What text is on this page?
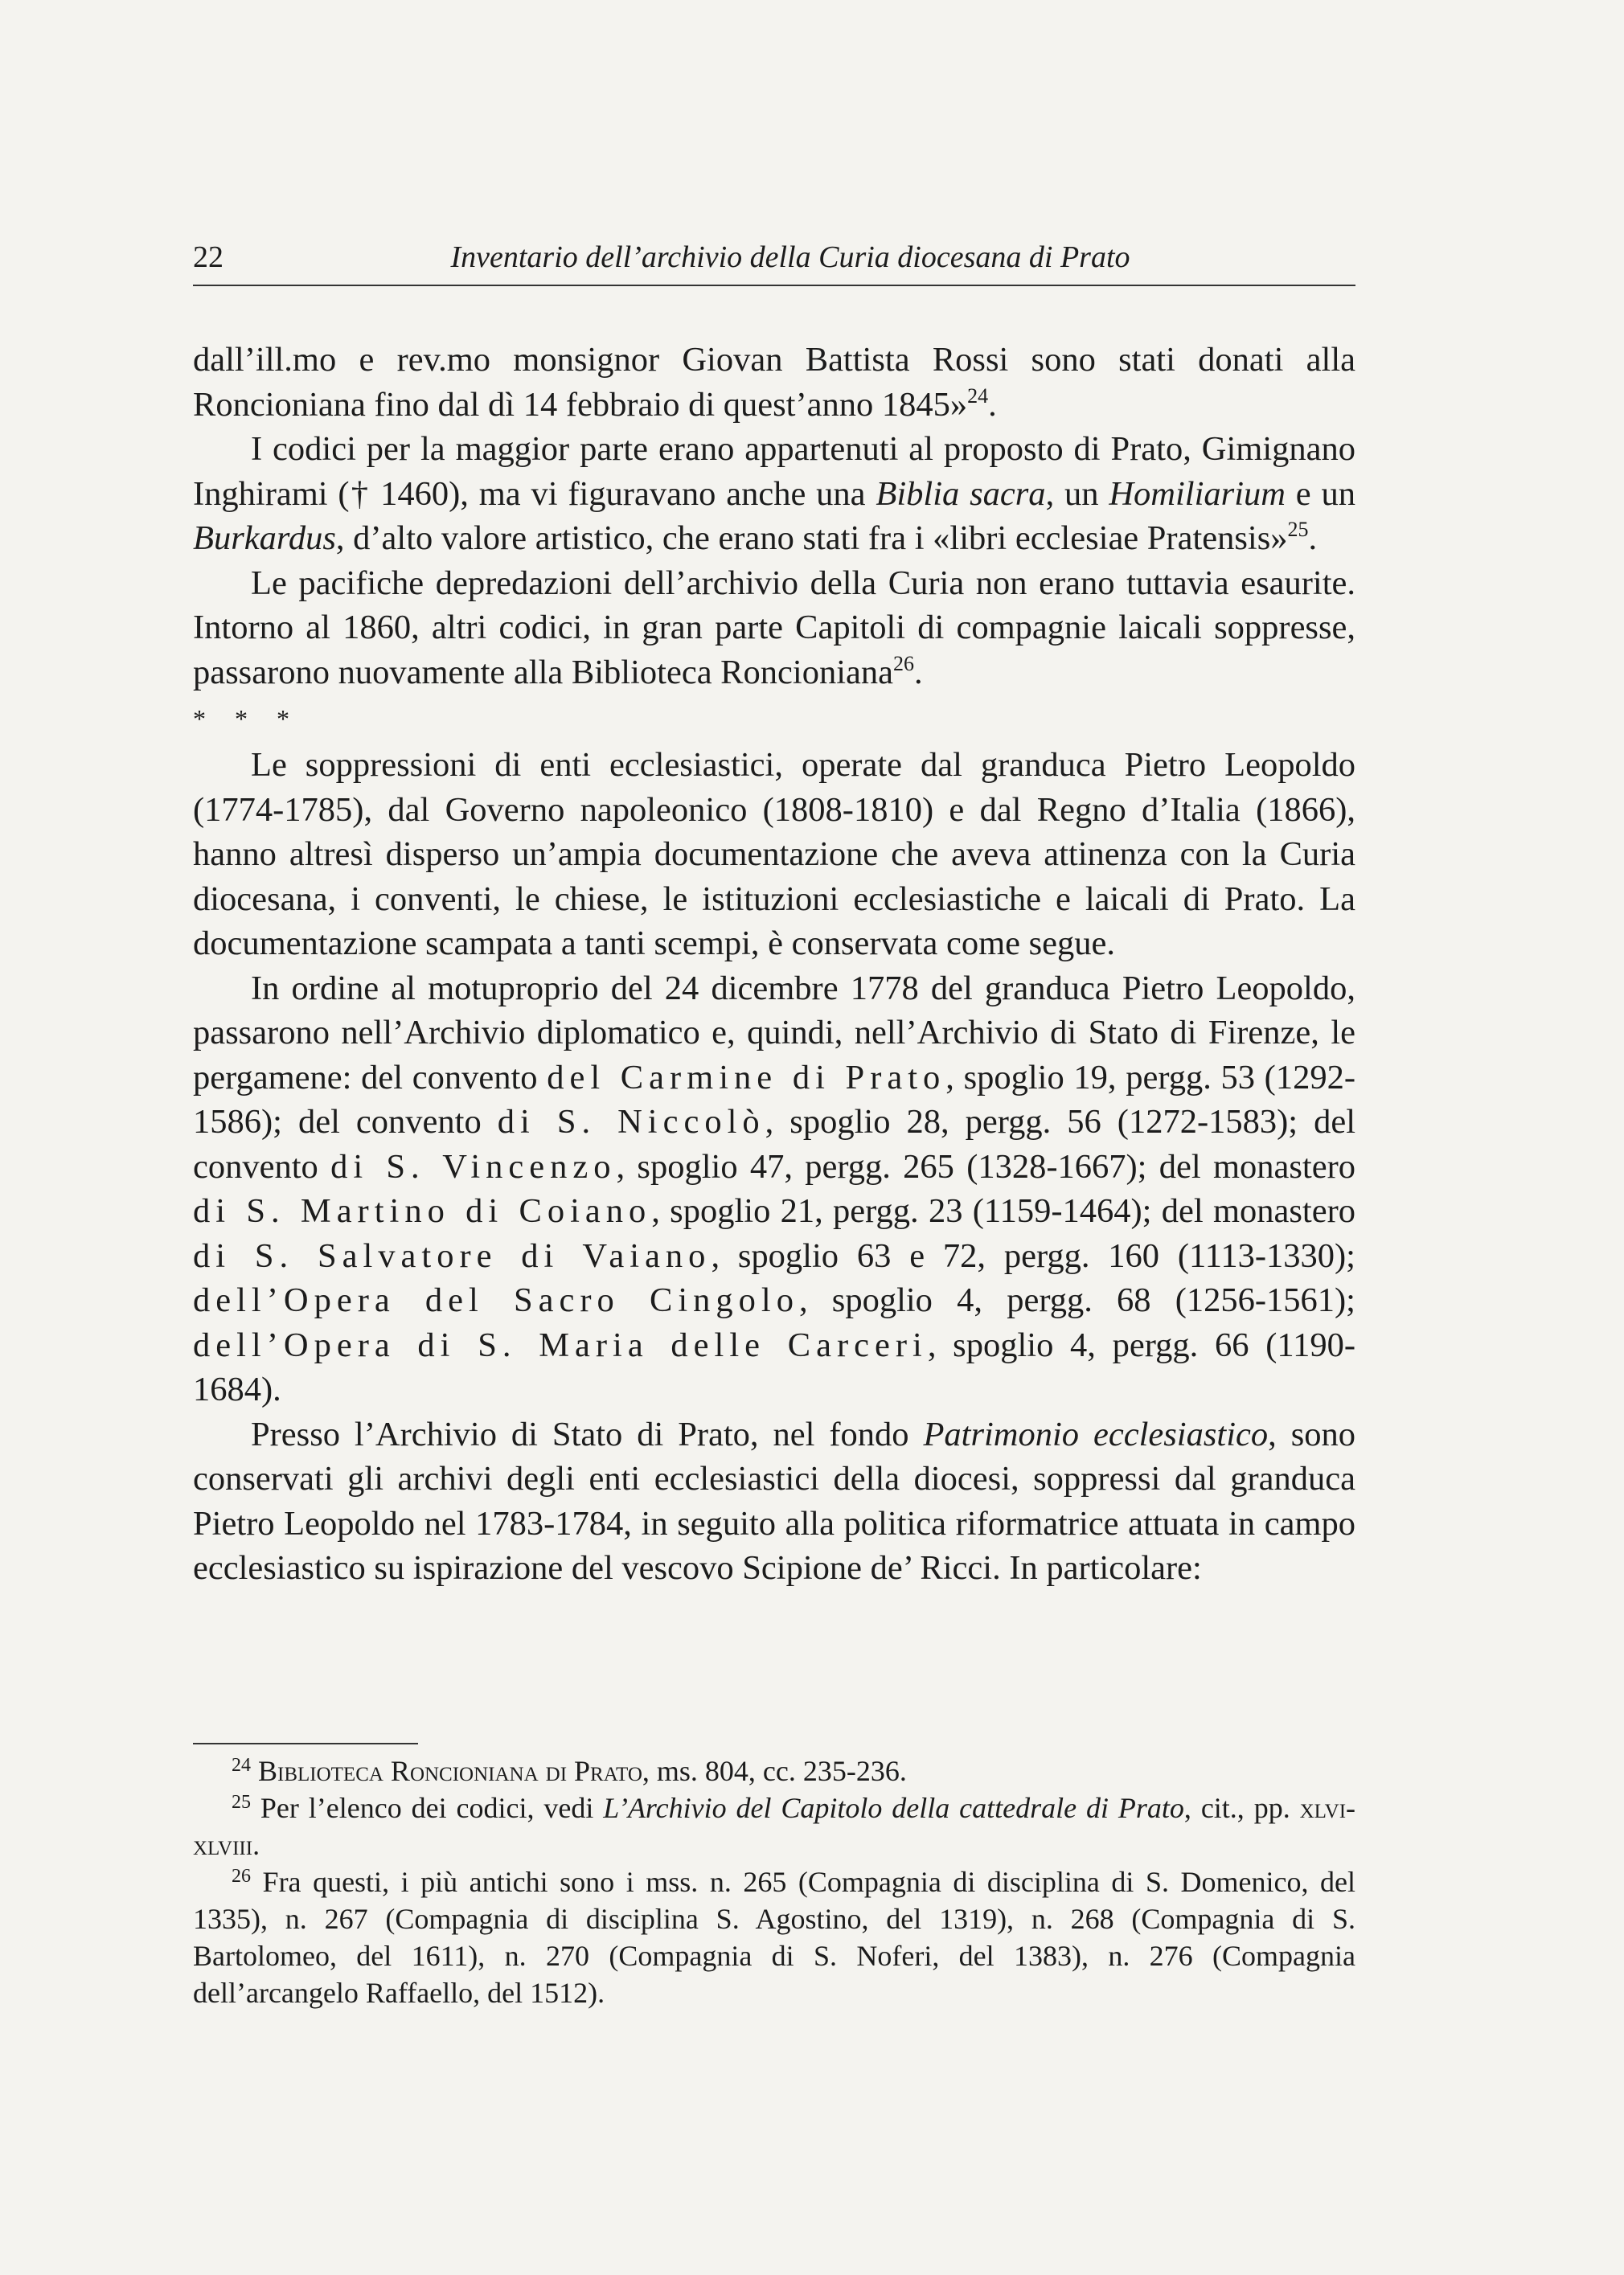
22	Inventario dell’archivio della Curia diocesana di Prato

dall’ill.mo e rev.mo monsignor Giovan Battista Rossi sono stati donati alla Roncioniana fino dal dì 14 febbraio di quest’anno 1845»$^{24}$.

I codici per la maggior parte erano appartenuti al proposto di Prato, Gimignano Inghirami († 1460), ma vi figuravano anche una Biblia sacra, un Homiliarium e un Burkardus, d’alto valore artistico, che erano stati fra i «libri ecclesiae Pratensis»$^{25}$.

Le pacifiche depredazioni dell’archivio della Curia non erano tuttavia esaurite. Intorno al 1860, altri codici, in gran parte Capitoli di compagnie laicali soppresse, passarono nuovamente alla Biblioteca Roncioniana$^{26}$.

* * *

Le soppressioni di enti ecclesiastici, operate dal granduca Pietro Leopoldo (1774-1785), dal Governo napoleonico (1808-1810) e dal Regno d’Italia (1866), hanno altresì disperso un’ampia documentazione che aveva attinenza con la Curia diocesana, i conventi, le chiese, le istituzioni ecclesiastiche e laicali di Prato. La documentazione scampata a tanti scempi, è conservata come segue.

In ordine al motuproprio del 24 dicembre 1778 del granduca Pietro Leopoldo, passarono nell’Archivio diplomatico e, quindi, nell’Archivio di Stato di Firenze, le pergamene: del convento del Carmine di Prato, spoglio 19, pergg. 53 (1292-1586); del convento di S. Niccolò, spoglio 28, pergg. 56 (1272-1583); del convento di S. Vincenzo, spoglio 47, pergg. 265 (1328-1667); del monastero di S. Martino di Coiano, spoglio 21, pergg. 23 (1159-1464); del monastero di S. Salvatore di Vaiano, spoglio 63 e 72, pergg. 160 (1113-1330); dell’Opera del Sacro Cingolo, spoglio 4, pergg. 68 (1256-1561); dell’Opera di S. Maria delle Carceri, spoglio 4, pergg. 66 (1190-1684).

Presso l’Archivio di Stato di Prato, nel fondo Patrimonio ecclesiastico, sono conservati gli archivi degli enti ecclesiastici della diocesi, soppressi dal granduca Pietro Leopoldo nel 1783-1784, in seguito alla politica riformatrice attuata in campo ecclesiastico su ispirazione del vescovo Scipione de’ Ricci. In particolare:

$^{24}$ Biblioteca Roncioniana di Prato, ms. 804, cc. 235-236.

$^{25}$ Per l’elenco dei codici, vedi L’Archivio del Capitolo della cattedrale di Prato, cit., pp. xlvi-xlviii.

$^{26}$ Fra questi, i più antichi sono i mss. n. 265 (Compagnia di disciplina di S. Domenico, del 1335), n. 267 (Compagnia di disciplina S. Agostino, del 1319), n. 268 (Compagnia di S. Bartolomeo, del 1611), n. 270 (Compagnia di S. Noferi, del 1383), n. 276 (Compagnia dell’arcangelo Raffaello, del 1512).
